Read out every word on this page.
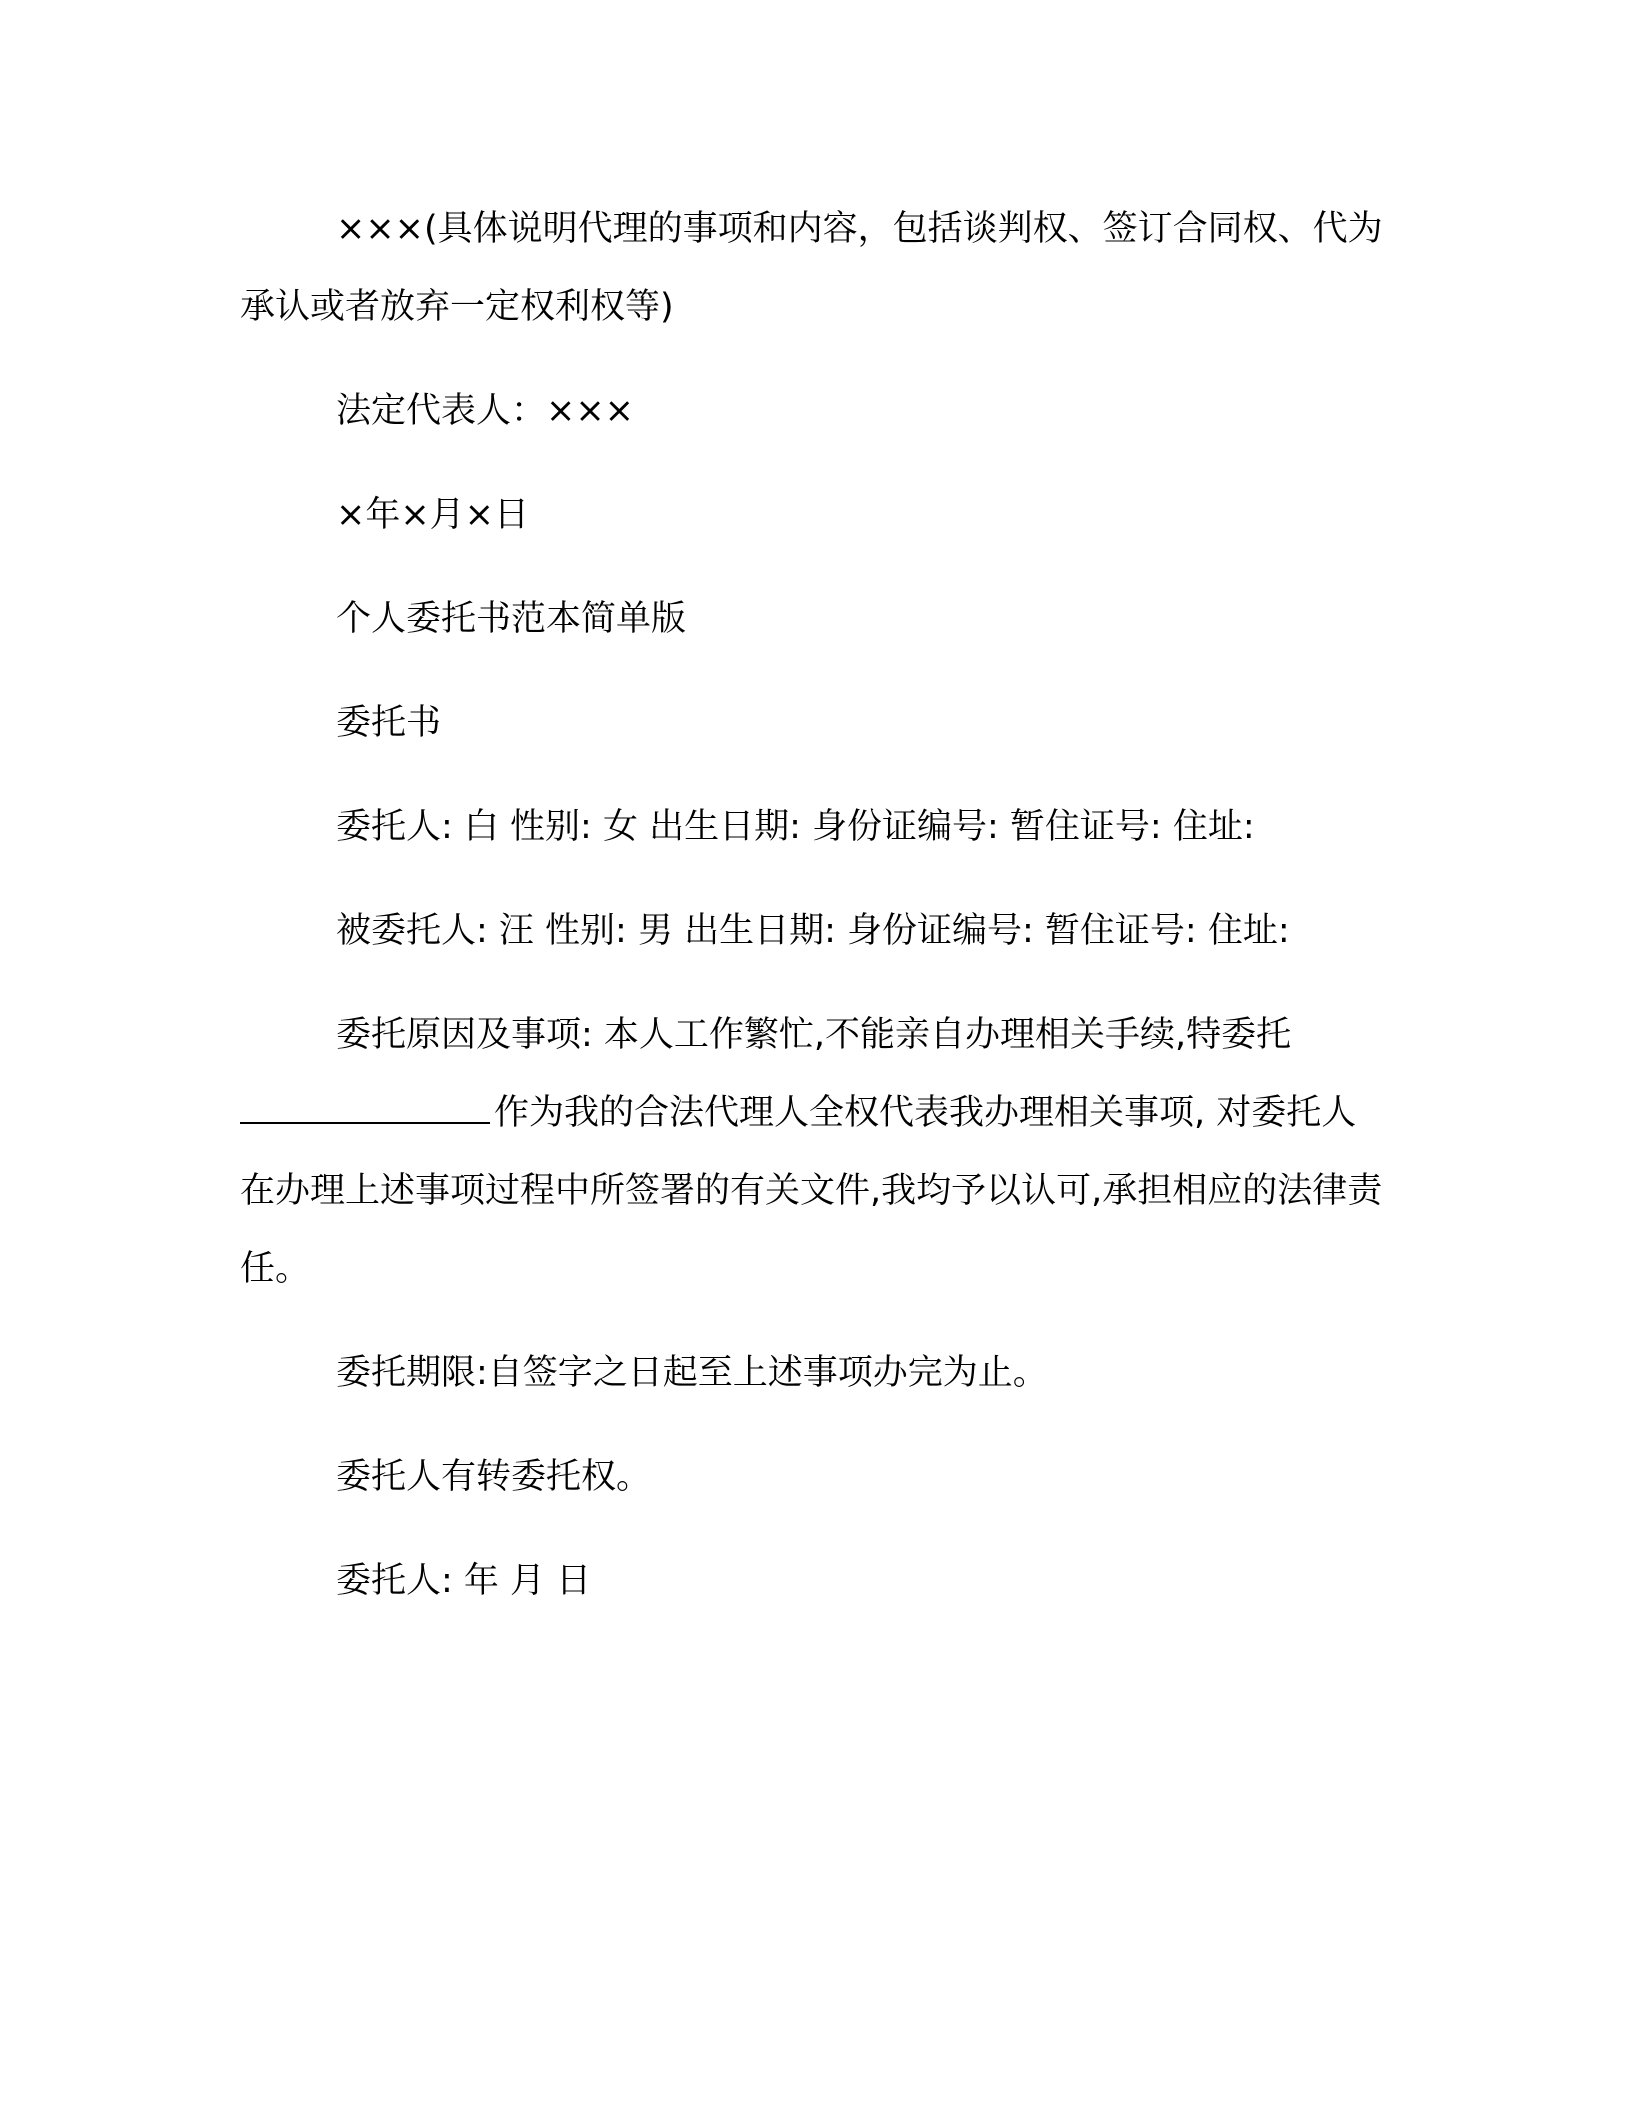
×××(具体说明代理的事项和内容，包括谈判权、签订合同权、代为承认或者放弃一定权利权等)

法定代表人：×××

×年×月×日

个人委托书范本简单版

委托书

委托人: 白 性别: 女 出生日期: 身份证编号: 暂住证号: 住址:

被委托人: 汪 性别: 男 出生日期: 身份证编号: 暂住证号: 住址:

委托原因及事项: 本人工作繁忙,不能亲自办理相关手续,特委托作为我的合法代理人全权代表我办理相关事项, 对委托人在办理上述事项过程中所签署的有关文件,我均予以认可,承担相应的法律责任。

委托期限:自签字之日起至上述事项办完为止。

委托人有转委托权。

委托人: 年 月 日
